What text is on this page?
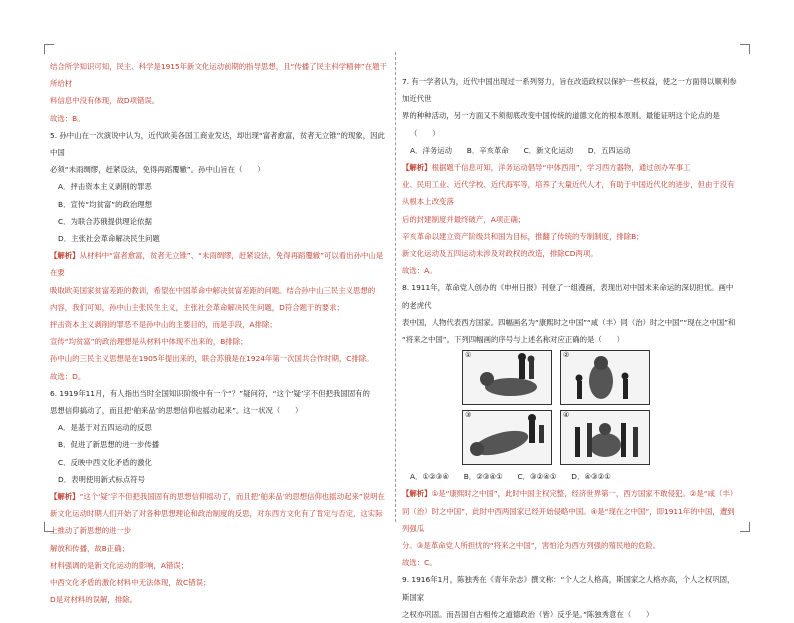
结合所学知识可知，民主、科学是1915年新文化运动前期的指导思想，且“传播了民主科学精神”在题干所给材

料信息中没有体现，故D项错误。

故选：B。

5. 孙中山在一次演说中认为，近代欧美各国工商业发达，却出现“富者愈富，贫者无立锥”的现象，因此中国

必须“未雨绸缪，赶紧设法，免得再蹈覆辙”。孙中山旨在（　　）

A．抨击资本主义剥削的罪恶

B．宣传“均贫富”的政治理想

C．为联合苏俄提供理论依据

D．主张社会革命解决民生问题

【解析】从材料中“富者愈富，贫者无立锥”、“未雨绸缪，赶紧设法，免得再蹈覆辙”可以看出孙中山是在要

吸取欧美国家贫富差距的教训，希望在中国革命中解决贫富差距的问题。结合孙中山三民主义思想的

内容，我们可知，孙中山主张民生主义，主张社会革命解决民生问题，D符合题干的要求；

抨击资本主义剥削的罪恶不是孙中山的主要目的，而是手段，A排除；

宣传“均贫富”的政治理想是从材料中体现不出来的，B排除；

孙中山的三民主义思想是在1905年提出来的，联合苏俄是在1924年第一次国共合作时期，C排除。

故选：D。

6. 1919年11月，有人指出当时全国知识阶级中有一个“？”疑问符，“这个‘疑’字不但把我国固有的

思想信仰搞动了，而且把‘舶来品’的思想信仰也摇动起来”。这一状况（　　）

A．是基于对五四运动的反思

B．促进了新思想的进一步传播

C．反映中西文化矛盾的激化

D．表明使用新式标点符号

【解析】“这个‘疑’字不但把我国固有的思想信仰摇动了，而且把‘舶来品’的思想信仰也摇动起来”说明在

新文化运动时期人们开始了对各种思想理论和政治制度的反思，对东西方文化有了肯定与否定，这实际上推动了新思想的进一步

解放和传播，故B正确；

材料强调的是新文化运动的影响，A错误；

中西文化矛盾的激化材料中无法体现，故C错误；

D是对材料的误解，排除。

7. 有一学者认为，近代中国出现过一系列努力，旨在改造政权以保护一些权益，使之一方面得以顺利参加近代世

界的种种活动，另一方面又不须彻底改变中国传统的道德文化的根本原则。最能证明这个论点的是

（　　）

A．洋务运动　　B．辛亥革命　　C．新文化运动　　D．五四运动

【解析】根据题干信息可知，洋务运动倡导“中体西用”，学习西方器物，通过创办军事工

业、民用工业、近代学校、近代海军等，培养了大量近代人才，有助于中国近代化的进步，但由于没有从根本上改变落

后的封建制度并最终破产，A项正确；

辛亥革命以建立资产阶级共和国为目标，推翻了传统的专制制度，排除B；

新文化运动及五四运动未涉及对政权的改造，排除CD两项。

故选：A。

8. 1911年，革命党人创办的《申州日报》刊登了一组漫画，表现出对中国未来命运的深切担忧。画中的老虎代

表中国，人物代表西方国家。四幅画名为“康熙时之中国”“咸（丰）同（治）时之中国”“现在之中国”和

“将来之中国”。下列四幅画的序号与上述名称对应正确的是（　　）

①	②
③	④

A．①②③④　　B．②③④①　　C．③②④①　　D．④③②①

【解析】①是“康熙时之中国”，此时中国主权完整，经济世界第一，西方国家不敢侵犯。②是“咸（丰）

同（治）时之中国”，此时中西两国家已经开始侵略中国。④是“现在之中国”，即1911年的中国，遭到列强瓜

分。③是革命党人所担忧的“将来之中国”，害怕沦为西方列强的殖民地的危险。

故选：C。

9. 1916年1月，陈独秀在《青年杂志》撰文称：“个人之人格高，斯国家之人格亦高，个人之权巩固，斯国家

之权亦巩固。而吾国自古相传之道德政治（皆）反乎是。”陈独秀意在（　　）
